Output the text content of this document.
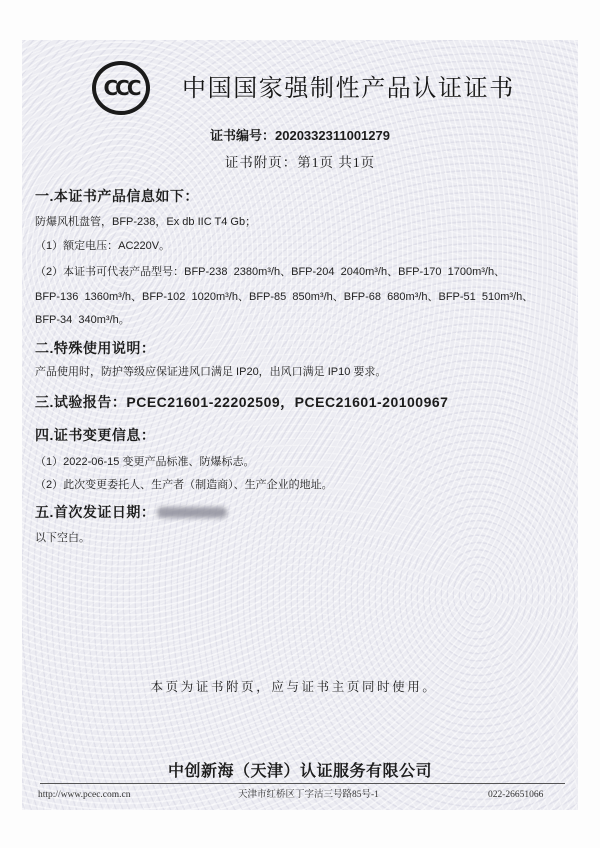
CCC	中国国家强制性产品认证证书
证书编号：2020332311001279
证书附页：第1页 共1页
一.本证书产品信息如下：
防爆风机盘管，BFP-238，Ex db IIC T4 Gb；
（1）额定电压：AC220V。
（2）本证书可代表产品型号：BFP-238  2380m³/h、BFP-204  2040m³/h、BFP-170  1700m³/h、
BFP-136  1360m³/h、BFP-102  1020m³/h、BFP-85  850m³/h、BFP-68  680m³/h、BFP-51  510m³/h、
BFP-34  340m³/h。
二.特殊使用说明：
产品使用时，防护等级应保证进风口满足 IP20，出风口满足 IP10 要求。
三.试验报告：PCEC21601-22202509，PCEC21601-20100967
四.证书变更信息：
（1）2022-06-15 变更产品标准、防爆标志。
（2）此次变更委托人、生产者（制造商）、生产企业的地址。
五.首次发证日期：
以下空白。
本页为证书附页，应与证书主页同时使用。
中创新海（天津）认证服务有限公司
http://www.pcec.com.cn	天津市红桥区丁字沽三号路85号-1	022-26651066
